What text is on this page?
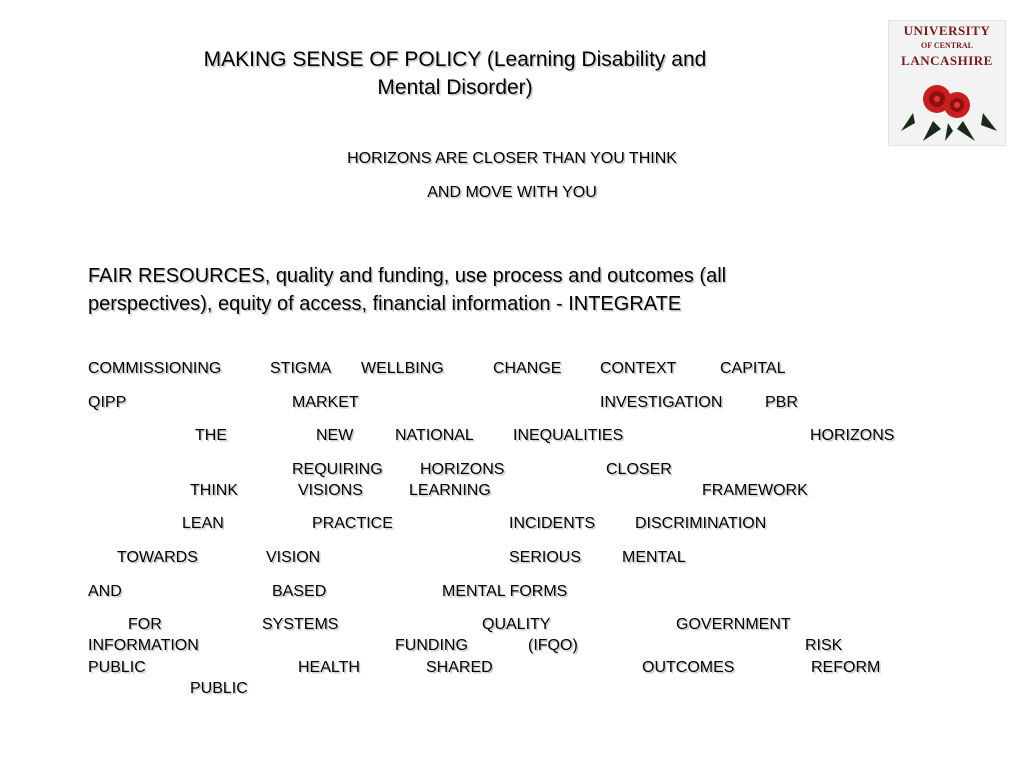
MAKING SENSE OF POLICY (Learning Disability and
Mental Disorder)
HORIZONS ARE CLOSER THAN YOU THINK
AND MOVE WITH YOU
UNIVERSITY
OF CENTRAL
LANCASHIRE
FAIR RESOURCES, quality and funding, use process and outcomes (all
perspectives), equity of access, financial information - INTEGRATE
COMMISSIONING	STIGMA WELLBING	CHANGE CONTEXT	CAPITAL
QIPP	MARKET	INVESTIGATION	PBR
THE	NEW	NATIONAL INEQUALITIES	HORIZONS
REQUIRING HORIZONS	CLOSER
THINK	VISIONS	LEARNING	FRAMEWORK
LEAN	PRACTICE	INCIDENTS DISCRIMINATION
TOWARDS	VISION	SERIOUS	MENTAL
AND	BASED	MENTAL FORMS
FOR	SYSTEMS	QUALITY	GOVERNMENT
INFORMATION	FUNDING	(IFQO)	RISK
PUBLIC	HEALTH	SHARED	OUTCOMES	REFORM
PUBLIC
